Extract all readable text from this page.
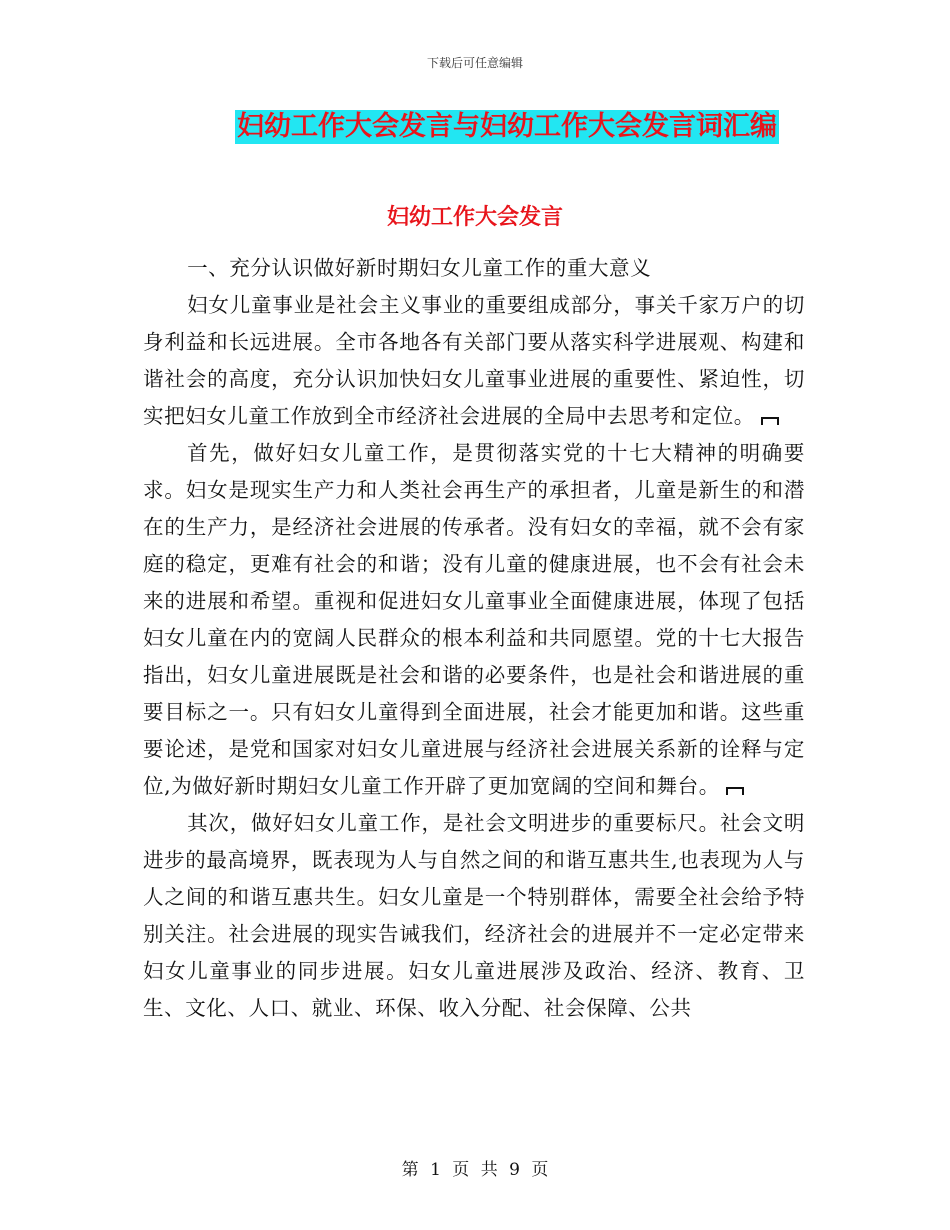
下载后可任意编辑
妇幼工作大会发言与妇幼工作大会发言词汇编
妇幼工作大会发言

一、充分认识做好新时期妇女儿童工作的重大意义

妇女儿童事业是社会主义事业的重要组成部分，事关千家万户的切身利益和长远进展。全市各地各有关部门要从落实科学进展观、构建和谐社会的高度，充分认识加快妇女儿童事业进展的重要性、紧迫性，切实把妇女儿童工作放到全市经济社会进展的全局中去思考和定位。

首先，做好妇女儿童工作，是贯彻落实党的十七大精神的明确要求。妇女是现实生产力和人类社会再生产的承担者，儿童是新生的和潜在的生产力，是经济社会进展的传承者。没有妇女的幸福，就不会有家庭的稳定，更难有社会的和谐；没有儿童的健康进展，也不会有社会未来的进展和希望。重视和促进妇女儿童事业全面健康进展，体现了包括妇女儿童在内的宽阔人民群众的根本利益和共同愿望。党的十七大报告指出，妇女儿童进展既是社会和谐的必要条件，也是社会和谐进展的重要目标之一。只有妇女儿童得到全面进展，社会才能更加和谐。这些重要论述，是党和国家对妇女儿童进展与经济社会进展关系新的诠释与定位,为做好新时期妇女儿童工作开辟了更加宽阔的空间和舞台。

其次，做好妇女儿童工作，是社会文明进步的重要标尺。社会文明进步的最高境界，既表现为人与自然之间的和谐互惠共生,也表现为人与人之间的和谐互惠共生。妇女儿童是一个特别群体，需要全社会给予特别关注。社会进展的现实告诫我们，经济社会的进展并不一定必定带来妇女儿童事业的同步进展。妇女儿童进展涉及政治、经济、教育、卫生、文化、人口、就业、环保、收入分配、社会保障、公共

第 1 页 共 9 页
